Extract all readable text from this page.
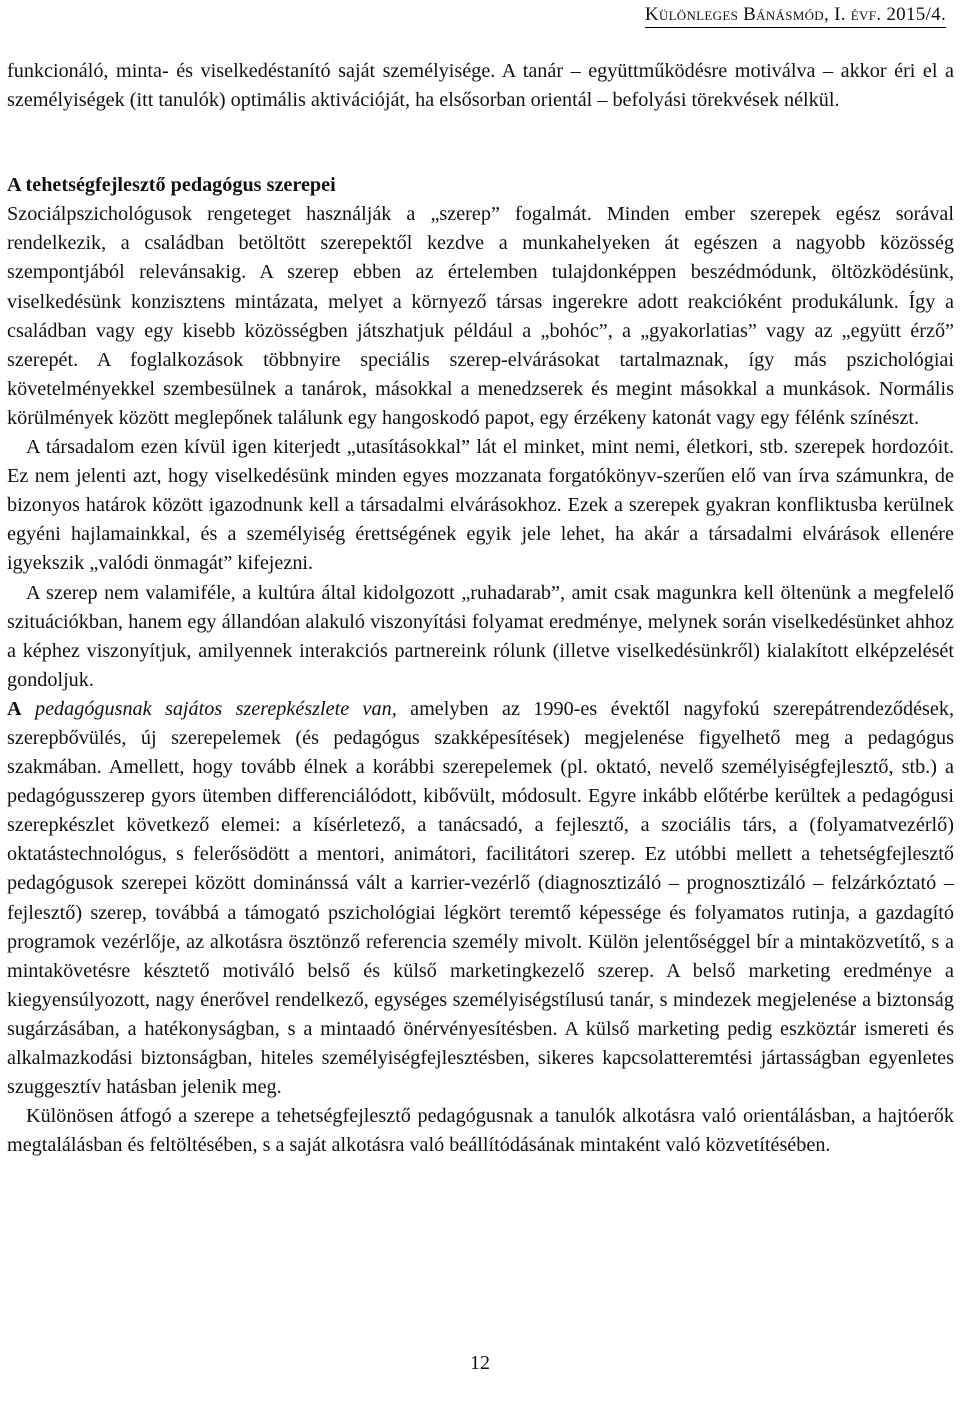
Különleges Bánásmód, I. évf. 2015/4.

funkcionáló, minta- és viselkedéstanító saját személyisége. A tanár – együttműködésre motiválva – akkor éri el a személyiségek (itt tanulók) optimális aktivációját, ha elsősorban orientál – befolyási törekvések nélkül.

A tehetségfejlesztő pedagógus szerepei

Szociálpszichológusok rengeteget használják a „szerep” fogalmát. Minden ember szerepek egész sorával rendelkezik, a családban betöltött szerepektől kezdve a munkahelyeken át egészen a nagyobb közösség szempontjából relevánsakig. A szerep ebben az értelemben tulajdonképpen beszédmódunk, öltözködésünk, viselkedésünk konzisztens mintázata, melyet a környező társas ingerekre adott reakcióként produkálunk. Így a családban vagy egy kisebb közösségben játszhatjuk például a „bohóc”, a „gyakorlatias” vagy az „együtt érző” szerepét. A foglalkozások többnyire speciális szerep-elvárásokat tartalmaznak, így más pszichológiai követelményekkel szembesülnek a tanárok, másokkal a menedzserek és megint másokkal a munkások. Normális körülmények között meglepőnek találunk egy hangoskodó papot, egy érzékeny katonát vagy egy félénk színészt.

A társadalom ezen kívül igen kiterjedt „utasításokkal” lát el minket, mint nemi, életkori, stb. szerepek hordozóit. Ez nem jelenti azt, hogy viselkedésünk minden egyes mozzanata forgatókönyv-szerűen elő van írva számunkra, de bizonyos határok között igazodnunk kell a társadalmi elvárásokhoz. Ezek a szerepek gyakran konfliktusba kerülnek egyéni hajlamainkkal, és a személyiség érettségének egyik jele lehet, ha akár a társadalmi elvárások ellenére igyekszik „valódi önmagát” kifejezni.

A szerep nem valamiféle, a kultúra által kidolgozott „ruhadarab”, amit csak magunkra kell öltenünk a megfelelő szituációkban, hanem egy állandóan alakuló viszonyítási folyamat eredménye, melynek során viselkedésünket ahhoz a képhez viszonyítjuk, amilyennek interakciós partnereink rólunk (illetve viselkedésünkről) kialakított elképzelését gondoljuk.

A pedagógusnak sajátos szerepkészlete van, amelyben az 1990-es évektől nagyfokú szerepátrendeződések, szerepbővülés, új szerepelemek (és pedagógus szakképesítések) megjelenése figyelhető meg a pedagógus szakmában. Amellett, hogy tovább élnek a korábbi szerepelemek (pl. oktató, nevelő személyiségfejlesztő, stb.) a pedagógusszerep gyors ütemben differenciálódott, kibővült, módosult. Egyre inkább előtérbe kerültek a pedagógusi szerepkészlet következő elemei: a kísérletező, a tanácsadó, a fejlesztő, a szociális társ, a (folyamatvezérlő) oktatástechnológus, s felerősödött a mentori, animátori, facilitátori szerep. Ez utóbbi mellett a tehetségfejlesztő pedagógusok szerepei között dominánssá vált a karrier-vezérlő (diagnosztizáló – prognosztizáló – felzárkóztató – fejlesztő) szerep, továbbá a támogató pszichológiai légkört teremtő képessége és folyamatos rutinja, a gazdagító programok vezérlője, az alkotásra ösztönző referencia személy mivolt. Külön jelentőséggel bír a mintaközvetítő, s a mintakövetésre késztető motiváló belső és külső marketingkezelő szerep. A belső marketing eredménye a kiegyensúlyozott, nagy énerővel rendelkező, egységes személyiségstílusú tanár, s mindezek megjelenése a biztonság sugárzásában, a hatékonyságban, s a mintaadó önérvényesítésben. A külső marketing pedig eszköztár ismereti és alkalmazkodási biztonságban, hiteles személyiségfejlesztésben, sikeres kapcsolatteremtési jártasságban egyenletes szuggesztív hatásban jelenik meg.

Különösen átfogó a szerepe a tehetségfejlesztő pedagógusnak a tanulók alkotásra való orientálásban, a hajtóerők megtalálásban és feltöltésében, s a saját alkotásra való beállítódásának mintaként való közvetítésében.

12
